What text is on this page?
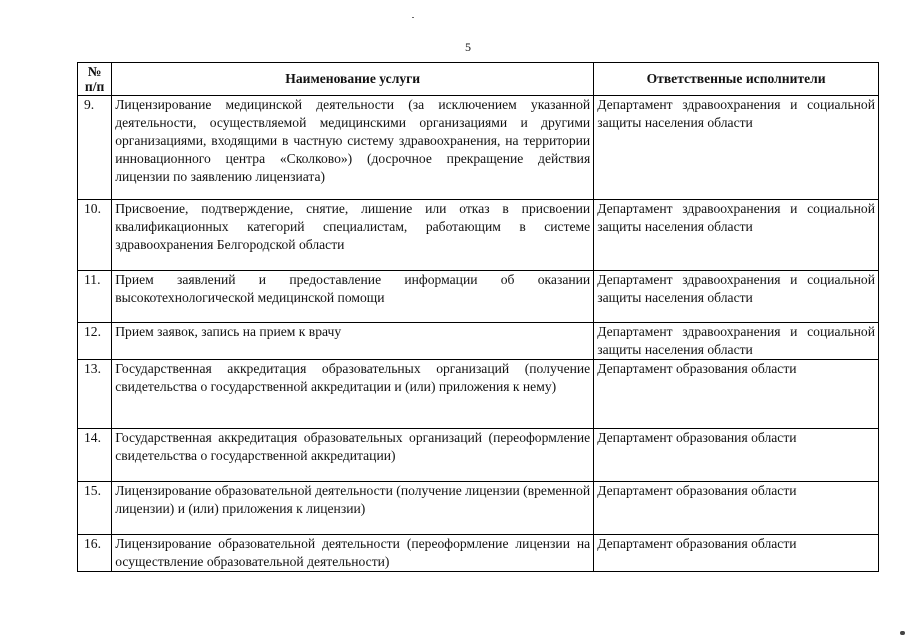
5
№
п/п	Наименование услуги	Ответственные исполнители
9.	Лицензирование медицинской деятельности (за исключением указанной деятельности, осуществляемой медицинскими организациями и другими организациями, входящими в частную систему здравоохранения, на территории инновационного центра «Сколково») (досрочное прекращение действия лицензии по заявлению лицензиата)	Департамент здравоохранения и социальной защиты населения области
10.	Присвоение, подтверждение, снятие, лишение или отказ в присвоении квалификационных категорий специалистам, работающим в системе здравоохранения Белгородской области	Департамент здравоохранения и социальной защиты населения области
11.	Прием заявлений и предоставление информации об оказании высокотехнологической медицинской помощи	Департамент здравоохранения и социальной защиты населения области
12.	Прием заявок, запись на прием к врачу	Департамент здравоохранения и социальной защиты населения области
13.	Государственная аккредитация образовательных организаций (получение свидетельства о государственной аккредитации и (или) приложения к нему)	Департамент образования области
14.	Государственная аккредитация образовательных организаций (переоформление свидетельства о государственной аккредитации)	Департамент образования области
15.	Лицензирование образовательной деятельности (получение лицензии (временной лицензии) и (или) приложения к лицензии)	Департамент образования области
16.	Лицензирование образовательной деятельности (переоформление лицензии на осуществление образовательной деятельности)	Департамент образования области
